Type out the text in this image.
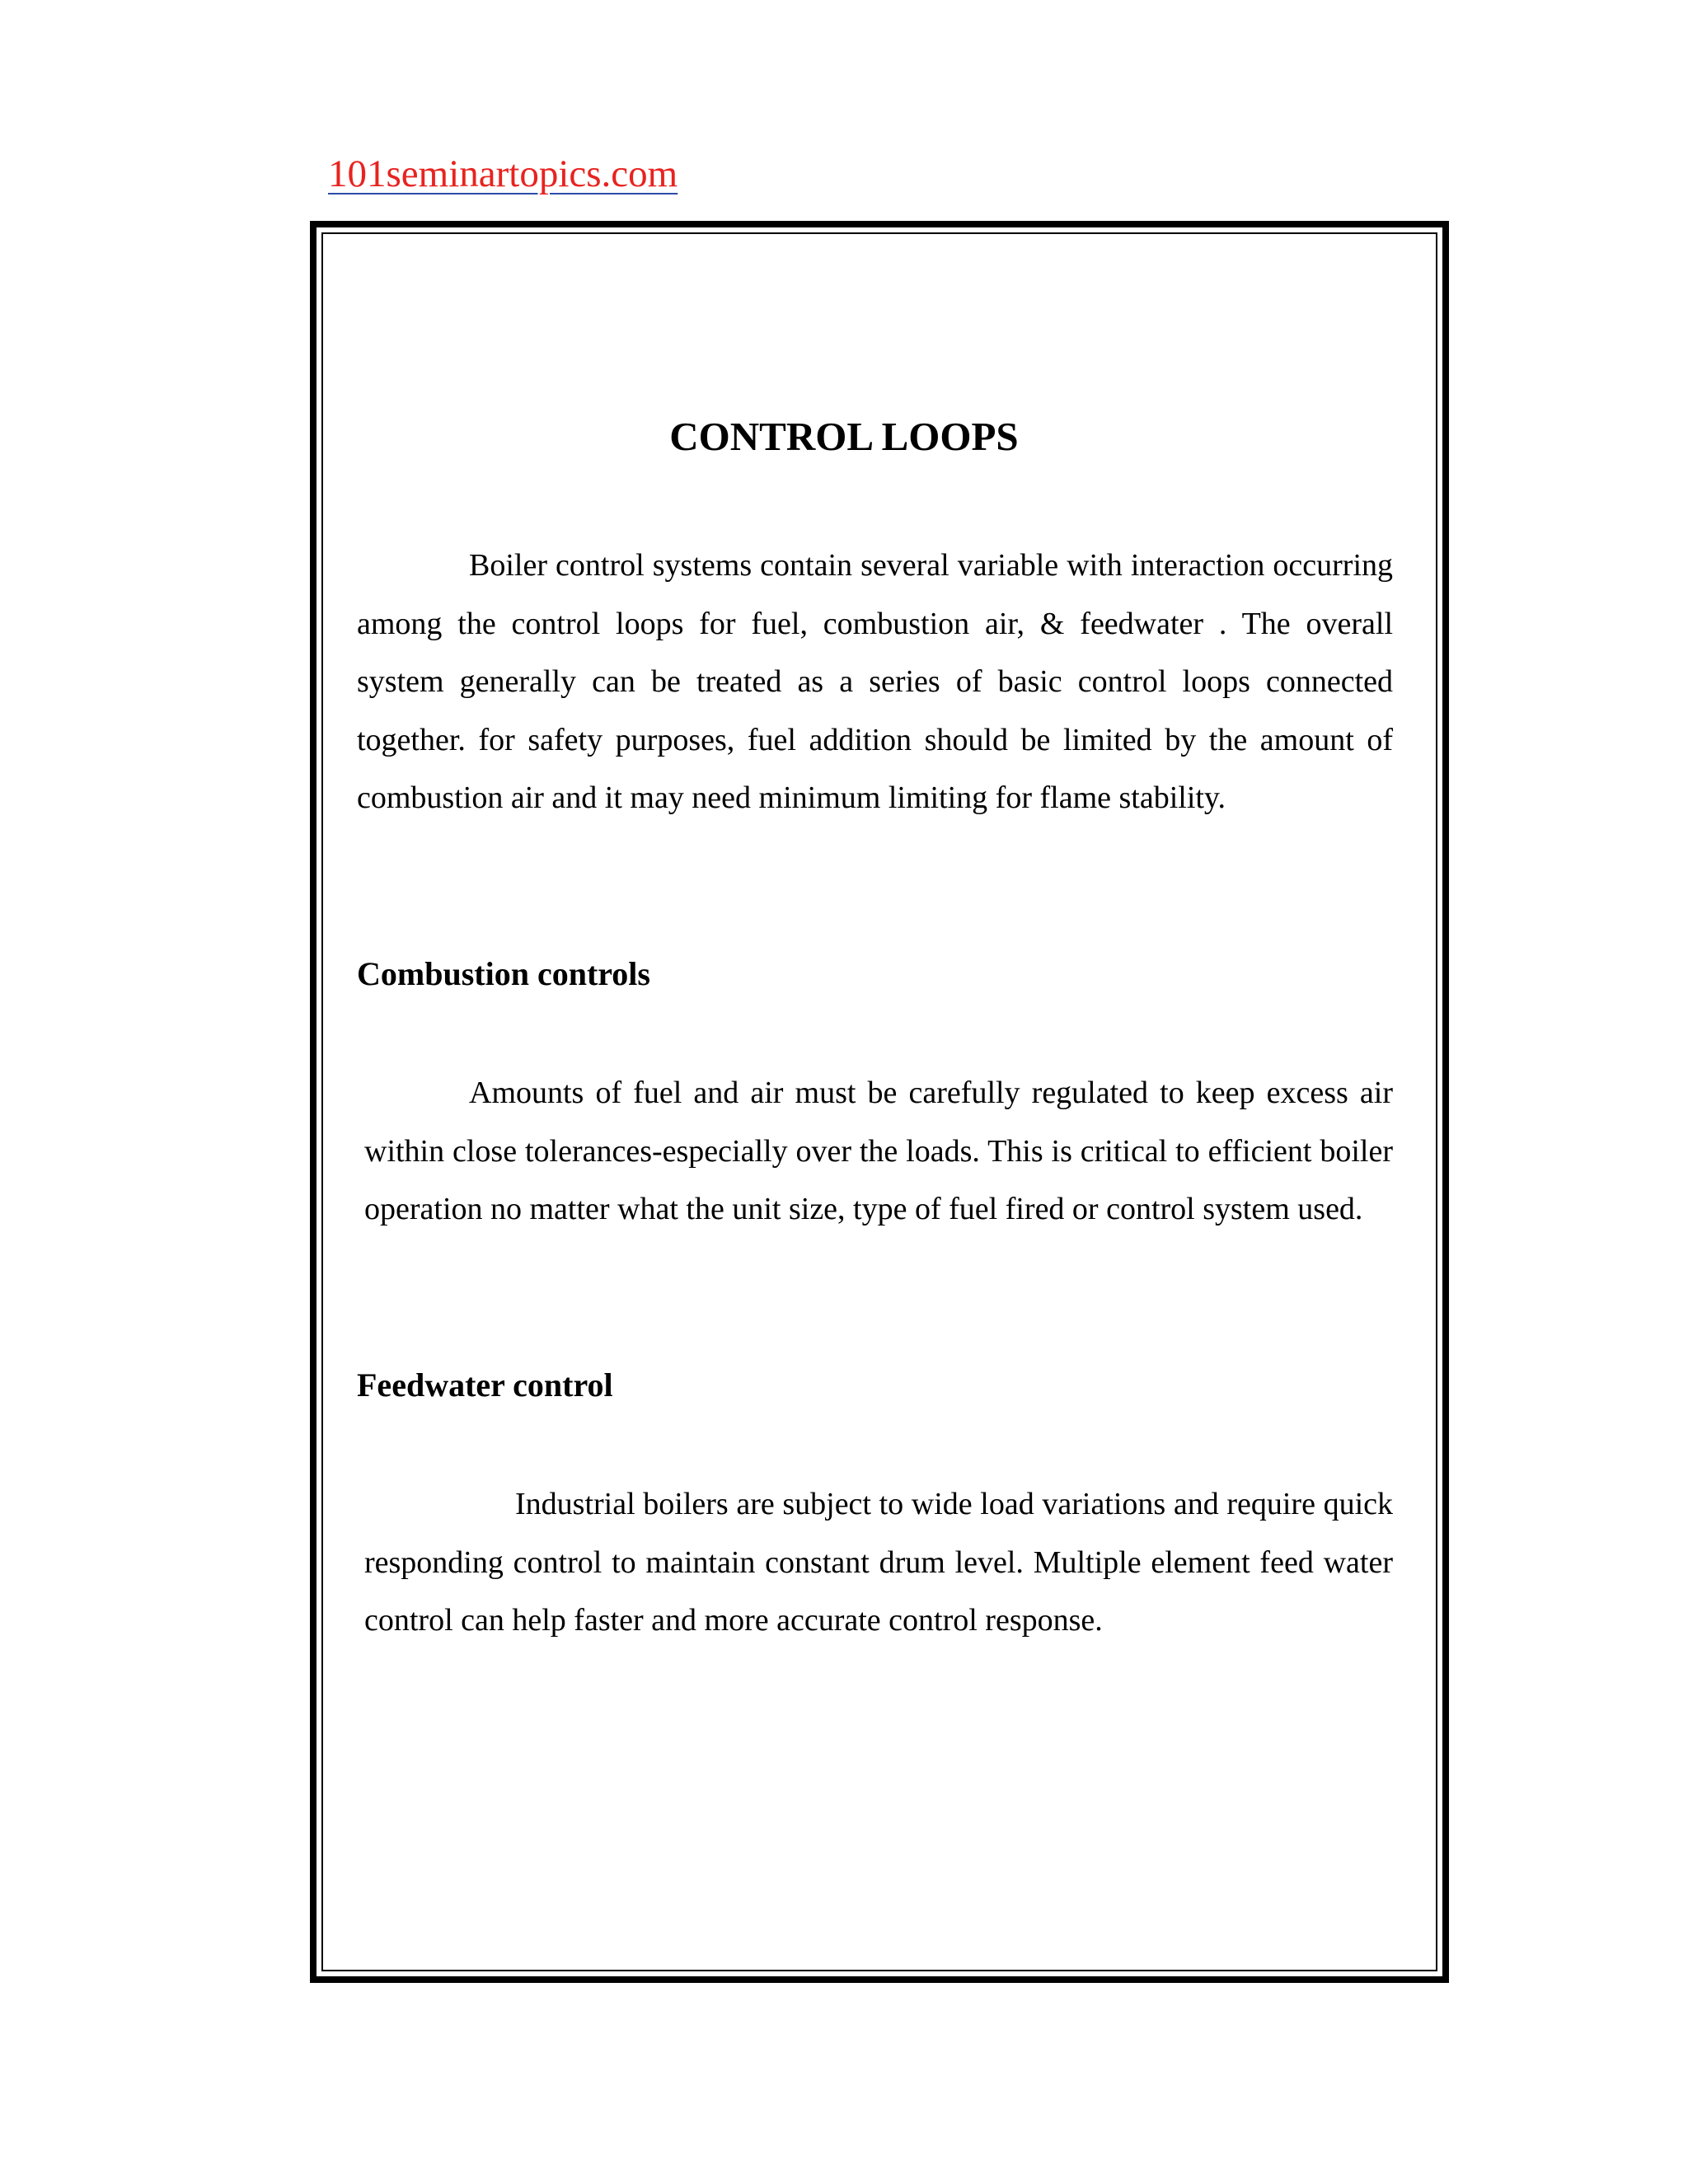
101seminartopics.com
CONTROL LOOPS

Boiler control systems contain several variable with interaction occurring among the control loops for fuel, combustion air, & feedwater . The overall system generally can be treated as a series of basic control loops connected together. for safety purposes, fuel addition should be limited by the amount of combustion air and it may need minimum limiting for flame stability.

Combustion controls

Amounts of fuel and air must be carefully regulated to keep excess air within close tolerances-especially over the loads. This is critical to efficient boiler operation no matter what the unit size, type of fuel fired or control system used.

Feedwater control

Industrial boilers are subject to wide load variations and require quick responding control to maintain constant drum level. Multiple element feed water control can help faster and more accurate control response.
